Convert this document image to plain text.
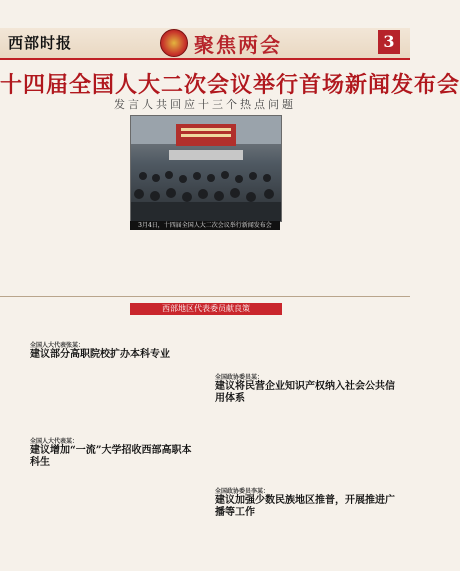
西部时报	聚焦两会	3
十四届全国人大二次会议举行首场新闻发布会
发言人共回应十三个热点问题
3月4日，十四届全国人大二次会议举行新闻发布会
西部地区代表委员献良策
全国人大代表张某：
建议部分高职院校扩办本科专业
全国政协委员某：
建议将民营企业知识产权纳入社会公共信用体系
全国人大代表某：
建议增加“一流”大学招收西部高职本科生
全国政协委员李某：
建议加强少数民族地区推普，开展推进广播等工作
